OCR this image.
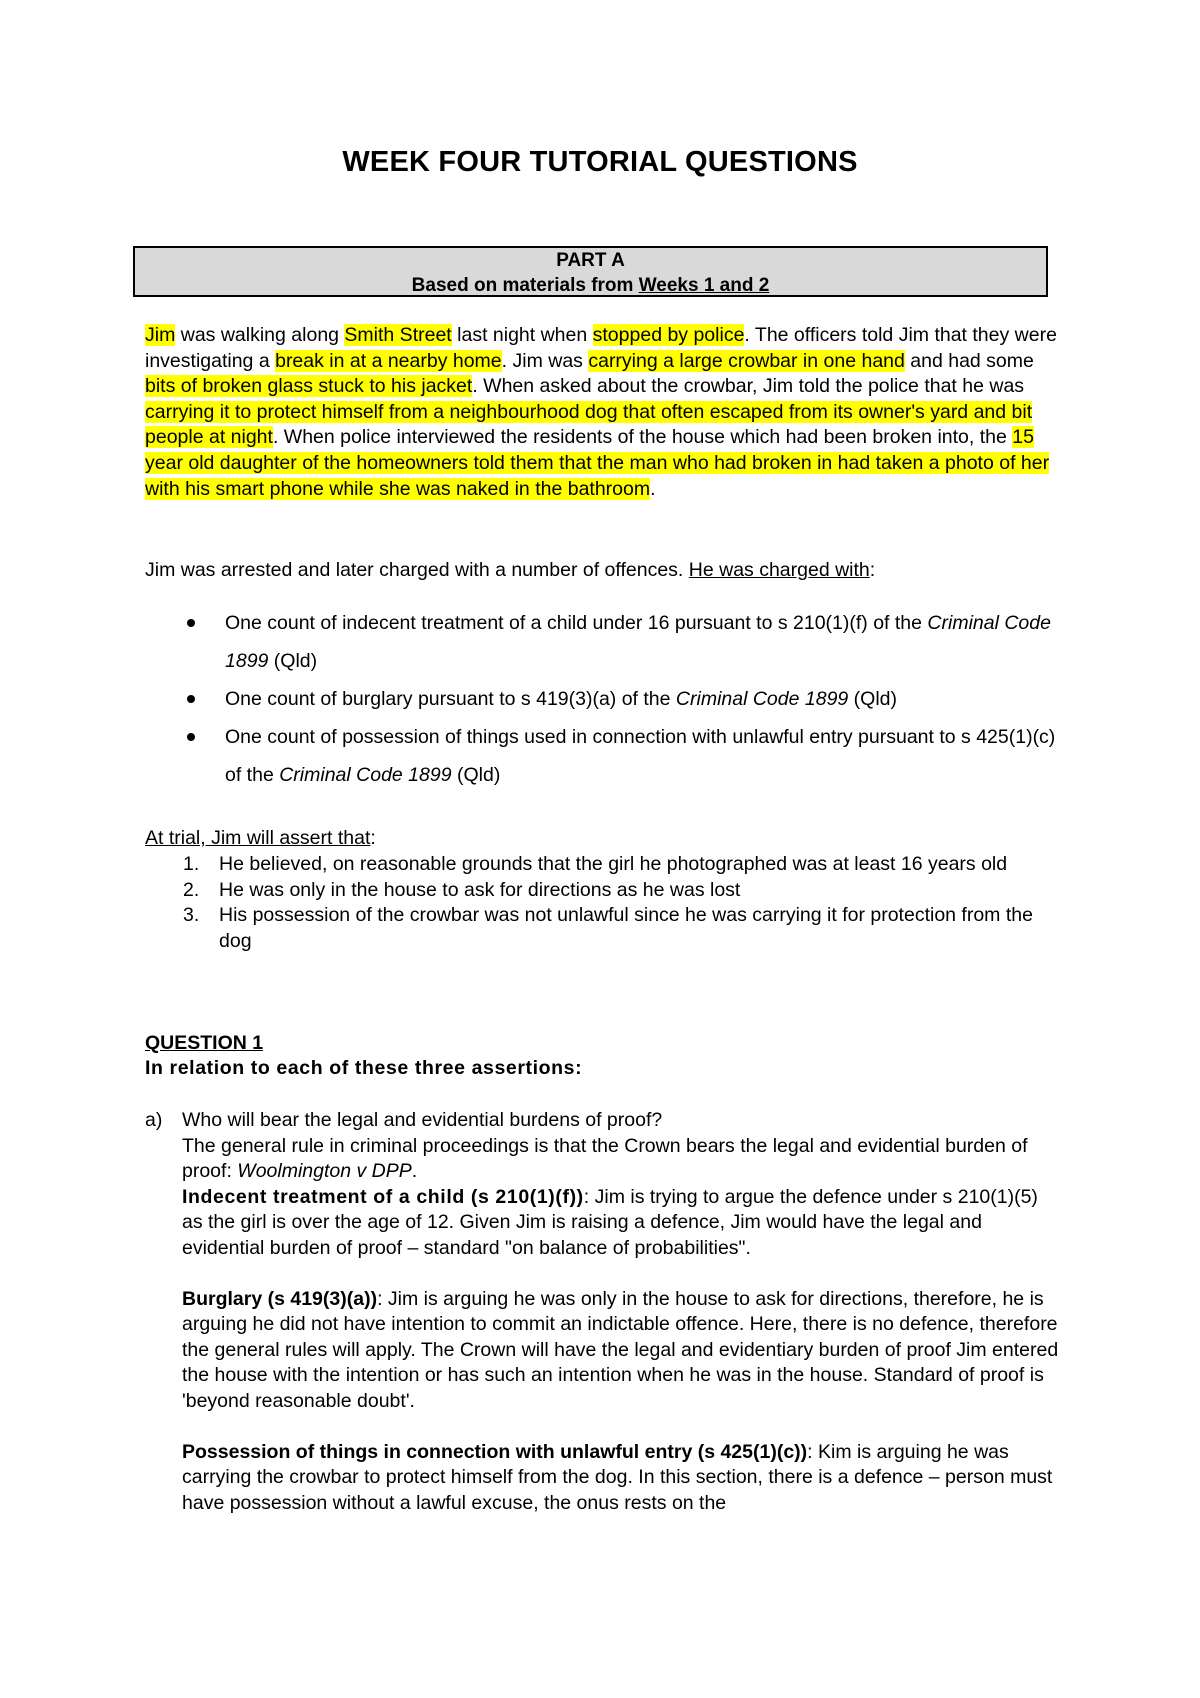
WEEK FOUR TUTORIAL QUESTIONS
PART A
Based on materials from Weeks 1 and 2
Jim was walking along Smith Street last night when stopped by police. The officers told Jim that they were investigating a break in at a nearby home. Jim was carrying a large crowbar in one hand and had some bits of broken glass stuck to his jacket. When asked about the crowbar, Jim told the police that he was carrying it to protect himself from a neighbourhood dog that often escaped from its owner's yard and bit people at night. When police interviewed the residents of the house which had been broken into, the 15 year old daughter of the homeowners told them that the man who had broken in had taken a photo of her with his smart phone while she was naked in the bathroom.
Jim was arrested and later charged with a number of offences. He was charged with:
One count of indecent treatment of a child under 16 pursuant to s 210(1)(f) of the Criminal Code 1899 (Qld)
One count of burglary pursuant to s 419(3)(a) of the Criminal Code 1899 (Qld)
One count of possession of things used in connection with unlawful entry pursuant to s 425(1)(c) of the Criminal Code 1899 (Qld)
At trial, Jim will assert that:
1. He believed, on reasonable grounds that the girl he photographed was at least 16 years old
2. He was only in the house to ask for directions as he was lost
3. His possession of the crowbar was not unlawful since he was carrying it for protection from the dog
QUESTION 1
In relation to each of these three assertions:
a)	Who will bear the legal and evidential burdens of proof?
The general rule in criminal proceedings is that the Crown bears the legal and evidential burden of proof: Woolmington v DPP.
Indecent treatment of a child (s 210(1)(f)): Jim is trying to argue the defence under s 210(1)(5) as the girl is over the age of 12. Given Jim is raising a defence, Jim would have the legal and evidential burden of proof – standard "on balance of probabilities".
Burglary (s 419(3)(a)): Jim is arguing he was only in the house to ask for directions, therefore, he is arguing he did not have intention to commit an indictable offence. Here, there is no defence, therefore the general rules will apply. The Crown will have the legal and evidentiary burden of proof Jim entered the house with the intention or has such an intention when he was in the house. Standard of proof is 'beyond reasonable doubt'.
Possession of things in connection with unlawful entry (s 425(1)(c)): Kim is arguing he was carrying the crowbar to protect himself from the dog. In this section, there is a defence – person must have possession without a lawful excuse, the onus rests on the
